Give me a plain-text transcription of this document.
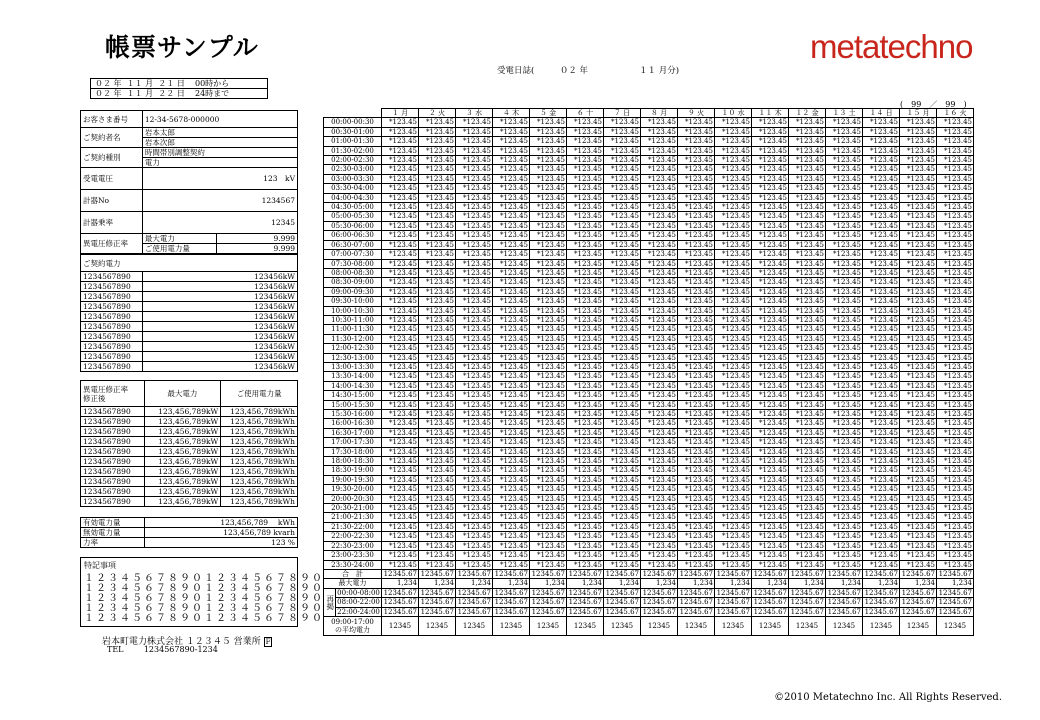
帳票サンプル	metatechno
０２ 年 １１ 月 ２１ 日 00時から
０２ 年 １１ 月 ２２ 日 24時まで
受電日誌(　　　０２ 年　　　　　　１１ 月分)
(　99　／　99　)
お客さま番号	12-34-5678-000000	
ご契約者名	岩本太郎	
	岩本次郎	
ご契約種別	時間帯別調整契約	
	電力	
受電電圧	123　kV	
計器No	1234567	
計器乗率	12345	
異電圧修正率	最大電力	9.999
	ご使用電力量	9.999
ご契約電力	
1234567890	123456kW
1234567890	123456kW
1234567890	123456kW
1234567890	123456kW
1234567890	123456kW
1234567890	123456kW
1234567890	123456kW
1234567890	123456kW
1234567890	123456kW
1234567890	123456kW
異電圧修正率
修正後	最大電力	ご使用電力量
1234567890	123,456,789kW	123,456,789kWh
1234567890	123,456,789kW	123,456,789kWh
1234567890	123,456,789kW	123,456,789kWh
1234567890	123,456,789kW	123,456,789kWh
1234567890	123,456,789kW	123,456,789kWh
1234567890	123,456,789kW	123,456,789kWh
1234567890	123,456,789kW	123,456,789kWh
1234567890	123,456,789kW	123,456,789kWh
1234567890	123,456,789kW	123,456,789kWh
1234567890	123,456,789kW	123,456,789kWh
有効電力量	123,456,789　 kWh
無効電力量	123,456,789 kvarh
力率	123 %
特記事項
１２３４５６７８９０１２３４５６７８９０
１２３４５６７８９０１２３４５６７８９０
１２３４５６７８９０１２３４５６７８９０
１２３４５６７８９０１２３４５６７８９０
１２３４５６７８９０１２３４５６７８９０
岩本町電力株式会社 １２３４５ 営業所 F
TEL	1234567890-1234
		１ 月	２ 火	３ 水	４ 木	５ 金	６ 十	７ 日	８ 月	９ 火	１０ 水	１１ 木	１２ 金	１３ 土	１４ 日	１５ 月	１６ 火
00:00-00:30		*123.45	*123.45	*123.45	*123.45	*123.45	*123.45	*123.45	*123.45	*123.45	*123.45	*123.45	*123.45	*123.45	*123.45	*123.45	*123.45
00:30-01:00		*123.45	*123.45	*123.45	*123.45	*123.45	*123.45	*123.45	*123.45	*123.45	*123.45	*123.45	*123.45	*123.45	*123.45	*123.45	*123.45
01:00-01:30		*123.45	*123.45	*123.45	*123.45	*123.45	*123.45	*123.45	*123.45	*123.45	*123.45	*123.45	*123.45	*123.45	*123.45	*123.45	*123.45
01:30-02:00		*123.45	*123.45	*123.45	*123.45	*123.45	*123.45	*123.45	*123.45	*123.45	*123.45	*123.45	*123.45	*123.45	*123.45	*123.45	*123.45
02:00-02:30		*123.45	*123.45	*123.45	*123.45	*123.45	*123.45	*123.45	*123.45	*123.45	*123.45	*123.45	*123.45	*123.45	*123.45	*123.45	*123.45
02:30-03:00		*123.45	*123.45	*123.45	*123.45	*123.45	*123.45	*123.45	*123.45	*123.45	*123.45	*123.45	*123.45	*123.45	*123.45	*123.45	*123.45
03:00-03:30		*123.45	*123.45	*123.45	*123.45	*123.45	*123.45	*123.45	*123.45	*123.45	*123.45	*123.45	*123.45	*123.45	*123.45	*123.45	*123.45
03:30-04:00		*123.45	*123.45	*123.45	*123.45	*123.45	*123.45	*123.45	*123.45	*123.45	*123.45	*123.45	*123.45	*123.45	*123.45	*123.45	*123.45
04:00-04:30		*123.45	*123.45	*123.45	*123.45	*123.45	*123.45	*123.45	*123.45	*123.45	*123.45	*123.45	*123.45	*123.45	*123.45	*123.45	*123.45
04:30-05:00		*123.45	*123.45	*123.45	*123.45	*123.45	*123.45	*123.45	*123.45	*123.45	*123.45	*123.45	*123.45	*123.45	*123.45	*123.45	*123.45
05:00-05:30		*123.45	*123.45	*123.45	*123.45	*123.45	*123.45	*123.45	*123.45	*123.45	*123.45	*123.45	*123.45	*123.45	*123.45	*123.45	*123.45
05:30-06:00		*123.45	*123.45	*123.45	*123.45	*123.45	*123.45	*123.45	*123.45	*123.45	*123.45	*123.45	*123.45	*123.45	*123.45	*123.45	*123.45
06:00-06:30		*123.45	*123.45	*123.45	*123.45	*123.45	*123.45	*123.45	*123.45	*123.45	*123.45	*123.45	*123.45	*123.45	*123.45	*123.45	*123.45
06:30-07:00		*123.45	*123.45	*123.45	*123.45	*123.45	*123.45	*123.45	*123.45	*123.45	*123.45	*123.45	*123.45	*123.45	*123.45	*123.45	*123.45
07:00-07:30		*123.45	*123.45	*123.45	*123.45	*123.45	*123.45	*123.45	*123.45	*123.45	*123.45	*123.45	*123.45	*123.45	*123.45	*123.45	*123.45
07:30-08:00		*123.45	*123.45	*123.45	*123.45	*123.45	*123.45	*123.45	*123.45	*123.45	*123.45	*123.45	*123.45	*123.45	*123.45	*123.45	*123.45
08:00-08:30		*123.45	*123.45	*123.45	*123.45	*123.45	*123.45	*123.45	*123.45	*123.45	*123.45	*123.45	*123.45	*123.45	*123.45	*123.45	*123.45
08:30-09:00		*123.45	*123.45	*123.45	*123.45	*123.45	*123.45	*123.45	*123.45	*123.45	*123.45	*123.45	*123.45	*123.45	*123.45	*123.45	*123.45
09:00-09:30		*123.45	*123.45	*123.45	*123.45	*123.45	*123.45	*123.45	*123.45	*123.45	*123.45	*123.45	*123.45	*123.45	*123.45	*123.45	*123.45
09:30-10:00		*123.45	*123.45	*123.45	*123.45	*123.45	*123.45	*123.45	*123.45	*123.45	*123.45	*123.45	*123.45	*123.45	*123.45	*123.45	*123.45
10:00-10:30		*123.45	*123.45	*123.45	*123.45	*123.45	*123.45	*123.45	*123.45	*123.45	*123.45	*123.45	*123.45	*123.45	*123.45	*123.45	*123.45
10:30-11:00		*123.45	*123.45	*123.45	*123.45	*123.45	*123.45	*123.45	*123.45	*123.45	*123.45	*123.45	*123.45	*123.45	*123.45	*123.45	*123.45
11:00-11:30		*123.45	*123.45	*123.45	*123.45	*123.45	*123.45	*123.45	*123.45	*123.45	*123.45	*123.45	*123.45	*123.45	*123.45	*123.45	*123.45
11:30-12:00		*123.45	*123.45	*123.45	*123.45	*123.45	*123.45	*123.45	*123.45	*123.45	*123.45	*123.45	*123.45	*123.45	*123.45	*123.45	*123.45
12:00-12:30		*123.45	*123.45	*123.45	*123.45	*123.45	*123.45	*123.45	*123.45	*123.45	*123.45	*123.45	*123.45	*123.45	*123.45	*123.45	*123.45
12:30-13:00		*123.45	*123.45	*123.45	*123.45	*123.45	*123.45	*123.45	*123.45	*123.45	*123.45	*123.45	*123.45	*123.45	*123.45	*123.45	*123.45
13:00-13:30		*123.45	*123.45	*123.45	*123.45	*123.45	*123.45	*123.45	*123.45	*123.45	*123.45	*123.45	*123.45	*123.45	*123.45	*123.45	*123.45
13:30-14:00		*123.45	*123.45	*123.45	*123.45	*123.45	*123.45	*123.45	*123.45	*123.45	*123.45	*123.45	*123.45	*123.45	*123.45	*123.45	*123.45
14:00-14:30		*123.45	*123.45	*123.45	*123.45	*123.45	*123.45	*123.45	*123.45	*123.45	*123.45	*123.45	*123.45	*123.45	*123.45	*123.45	*123.45
14:30-15:00		*123.45	*123.45	*123.45	*123.45	*123.45	*123.45	*123.45	*123.45	*123.45	*123.45	*123.45	*123.45	*123.45	*123.45	*123.45	*123.45
15:00-15:30		*123.45	*123.45	*123.45	*123.45	*123.45	*123.45	*123.45	*123.45	*123.45	*123.45	*123.45	*123.45	*123.45	*123.45	*123.45	*123.45
15:30-16:00		*123.45	*123.45	*123.45	*123.45	*123.45	*123.45	*123.45	*123.45	*123.45	*123.45	*123.45	*123.45	*123.45	*123.45	*123.45	*123.45
16:00-16:30		*123.45	*123.45	*123.45	*123.45	*123.45	*123.45	*123.45	*123.45	*123.45	*123.45	*123.45	*123.45	*123.45	*123.45	*123.45	*123.45
16:30-17:00		*123.45	*123.45	*123.45	*123.45	*123.45	*123.45	*123.45	*123.45	*123.45	*123.45	*123.45	*123.45	*123.45	*123.45	*123.45	*123.45
17:00-17:30		*123.45	*123.45	*123.45	*123.45	*123.45	*123.45	*123.45	*123.45	*123.45	*123.45	*123.45	*123.45	*123.45	*123.45	*123.45	*123.45
17:30-18:00		*123.45	*123.45	*123.45	*123.45	*123.45	*123.45	*123.45	*123.45	*123.45	*123.45	*123.45	*123.45	*123.45	*123.45	*123.45	*123.45
18:00-18:30		*123.45	*123.45	*123.45	*123.45	*123.45	*123.45	*123.45	*123.45	*123.45	*123.45	*123.45	*123.45	*123.45	*123.45	*123.45	*123.45
18:30-19:00		*123.45	*123.45	*123.45	*123.45	*123.45	*123.45	*123.45	*123.45	*123.45	*123.45	*123.45	*123.45	*123.45	*123.45	*123.45	*123.45
19:00-19:30		*123.45	*123.45	*123.45	*123.45	*123.45	*123.45	*123.45	*123.45	*123.45	*123.45	*123.45	*123.45	*123.45	*123.45	*123.45	*123.45
19:30-20:00		*123.45	*123.45	*123.45	*123.45	*123.45	*123.45	*123.45	*123.45	*123.45	*123.45	*123.45	*123.45	*123.45	*123.45	*123.45	*123.45
20:00-20:30		*123.45	*123.45	*123.45	*123.45	*123.45	*123.45	*123.45	*123.45	*123.45	*123.45	*123.45	*123.45	*123.45	*123.45	*123.45	*123.45
20:30-21:00		*123.45	*123.45	*123.45	*123.45	*123.45	*123.45	*123.45	*123.45	*123.45	*123.45	*123.45	*123.45	*123.45	*123.45	*123.45	*123.45
21:00-21:30		*123.45	*123.45	*123.45	*123.45	*123.45	*123.45	*123.45	*123.45	*123.45	*123.45	*123.45	*123.45	*123.45	*123.45	*123.45	*123.45
21:30-22:00		*123.45	*123.45	*123.45	*123.45	*123.45	*123.45	*123.45	*123.45	*123.45	*123.45	*123.45	*123.45	*123.45	*123.45	*123.45	*123.45
22:00-22:30		*123.45	*123.45	*123.45	*123.45	*123.45	*123.45	*123.45	*123.45	*123.45	*123.45	*123.45	*123.45	*123.45	*123.45	*123.45	*123.45
22:30-23:00		*123.45	*123.45	*123.45	*123.45	*123.45	*123.45	*123.45	*123.45	*123.45	*123.45	*123.45	*123.45	*123.45	*123.45	*123.45	*123.45
23:00-23:30		*123.45	*123.45	*123.45	*123.45	*123.45	*123.45	*123.45	*123.45	*123.45	*123.45	*123.45	*123.45	*123.45	*123.45	*123.45	*123.45
23:30-24:00		*123.45	*123.45	*123.45	*123.45	*123.45	*123.45	*123.45	*123.45	*123.45	*123.45	*123.45	*123.45	*123.45	*123.45	*123.45	*123.45
合　計		12345.67	12345.67	12345.67	12345.67	12345.67	12345.67	12345.67	12345.67	12345.67	12345.67	12345.67	12345.67	12345.67	12345.67	12345.67	12345.67
最大電力		1,234	1,234	1,234	1,234	1,234	1,234	1,234	1,234	1,234	1,234	1,234	1,234	1,234	1,234	1,234	1,234
再掲	00:00-08:00	12345.67	12345.67	12345.67	12345.67	12345.67	12345.67	12345.67	12345.67	12345.67	12345.67	12345.67	12345.67	12345.67	12345.67	12345.67	12345.67
	08:00-22:00	12345.67	12345.67	12345.67	12345.67	12345.67	12345.67	12345.67	12345.67	12345.67	12345.67	12345.67	12345.67	12345.67	12345.67	12345.67	12345.67
	22:00-24:00	12345.67	12345.67	12345.67	12345.67	12345.67	12345.67	12345.67	12345.67	12345.67	12345.67	12345.67	12345.67	12345.67	12345.67	12345.67	12345.67

09:00-17:00
の平均電力		12345	12345	12345	12345	12345	12345	12345	12345	12345	12345	12345	12345	12345	12345	12345	12345
©2010 Metatechno Inc. All Rights Reserved.
